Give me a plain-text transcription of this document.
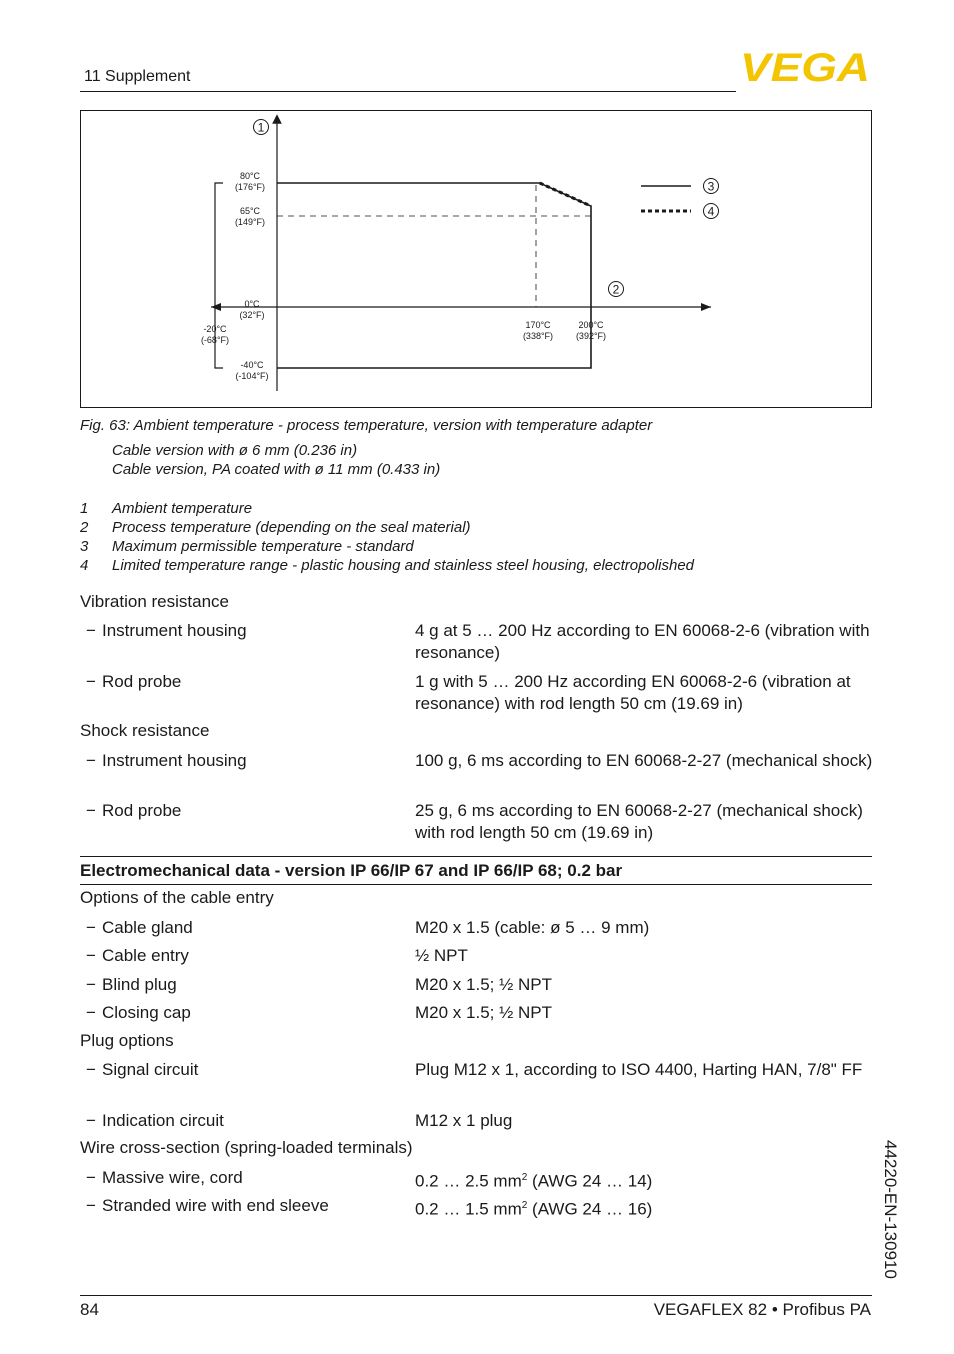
11 Supplement	VEGA
80°C
(176°F)
65°C
(149°F)
0°C
(32°F)
-20°C
(-68°F)
-40°C
(-104°F)
170°C
(338°F)
200°C
(392°F)
1
2
3
4
Fig. 63: Ambient temperature - process temperature, version with temperature adapter
Cable version with ø 6 mm (0.236 in)
Cable version, PA coated with ø 11 mm (0.433 in)
1 Ambient temperature
2 Process temperature (depending on the seal material)
3 Maximum permissible temperature - standard
4 Limited temperature range - plastic housing and stainless steel housing, electropolished
Vibration resistance
− Instrument housing	4 g at 5 … 200 Hz according to EN 60068-2-6 (vibration with resonance)
− Rod probe	1 g with 5 … 200 Hz according EN 60068-2-6 (vibration at resonance) with rod length 50 cm (19.69 in)
Shock resistance
− Instrument housing	100 g, 6 ms according to EN 60068-2-27 (mechanical shock)
− Rod probe	25 g, 6 ms according to EN 60068-2-27 (mechanical shock) with rod length 50 cm (19.69 in)
Electromechanical data - version IP 66/IP 67 and IP 66/IP 68; 0.2 bar
Options of the cable entry
− Cable gland	M20 x 1.5 (cable: ø 5 … 9 mm)
− Cable entry	½ NPT
− Blind plug	M20 x 1.5; ½ NPT
− Closing cap	M20 x 1.5; ½ NPT
Plug options
− Signal circuit	Plug M12 x 1, according to ISO 4400, Harting HAN, 7/8" FF
− Indication circuit	M12 x 1 plug
Wire cross-section (spring-loaded terminals)
− Massive wire, cord	0.2 … 2.5 $mm^2$ (AWG 24 … 14)
− Stranded wire with end sleeve	0.2 … 1.5 $mm^2$ (AWG 24 … 16)	44220-EN-130910
84	VEGAFLEX 82 • Profibus PA
